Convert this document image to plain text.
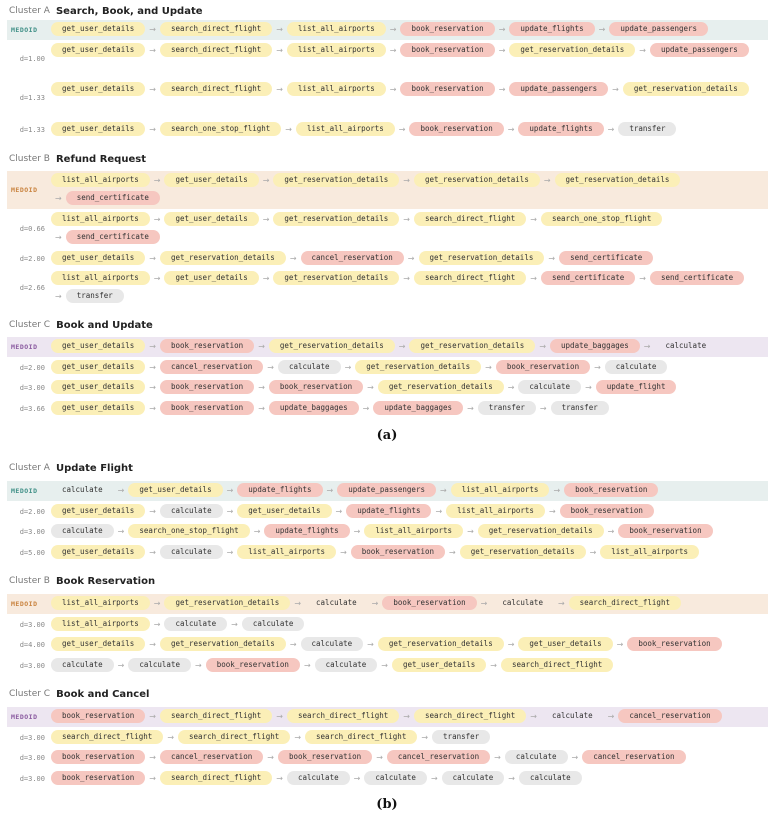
Cluster A Search, Book, and Update
MEDOID	get_user_details	→	search_direct_flight	→	list_all_airports	→	book_reservation	→	update_flights	→	update_passengers
d=1.00
get_user_details	→	search_direct_flight	→	list_all_airports	→	book_reservation	→	get_reservation_details	→	update_passengers
d=1.33
get_user_details	→	search_direct_flight	→	list_all_airports	→	book_reservation	→	update_passengers	→	get_reservation_details
d=1.33	get_user_details	→	search_one_stop_flight	→	list_all_airports	→	book_reservation	→	update_flights	→	transfer
Cluster B Refund Request
MEDOID
list_all_airports	→	get_user_details	→	get_reservation_details	→	get_reservation_details	→	get_reservation_details
→	send_certificate
d=0.66
list_all_airports	→	get_user_details	→	get_reservation_details	→	search_direct_flight	→	search_one_stop_flight
→	send_certificate
d=2.00	get_user_details	→	get_reservation_details	→	cancel_reservation	→	get_reservation_details	→	send_certificate
d=2.66
list_all_airports	→	get_user_details	→	get_reservation_details	→	search_direct_flight	→	send_certificate	→	send_certificate
→	transfer
Cluster C Book and Update
MEDOID	get_user_details	→	book_reservation	→	get_reservation_details	→	get_reservation_details	→	update_baggages	→	calculate
d=2.00	get_user_details	→	cancel_reservation	→	calculate	→	get_reservation_details	→	book_reservation	→	calculate
d=3.00	get_user_details	→	book_reservation	→	book_reservation	→	get_reservation_details	→	calculate	→	update_flight
d=3.66	get_user_details	→	book_reservation	→	update_baggages	→	update_baggages	→	transfer	→	transfer
(a)
Cluster A Update Flight
MEDOID	calculate	→	get_user_details	→	update_flights	→	update_passengers	→	list_all_airports	→	book_reservation
d=2.00	get_user_details	→	calculate	→	get_user_details	→	update_flights	→	list_all_airports	→	book_reservation
d=3.00	calculate	→	search_one_stop_flight	→	update_flights	→	list_all_airports	→	get_reservation_details	→	book_reservation
d=5.00	get_user_details	→	calculate	→	list_all_airports	→	book_reservation	→	get_reservation_details	→	list_all_airports
Cluster B Book Reservation
MEDOID	list_all_airports	→	get_reservation_details	→	calculate	→	book_reservation	→	calculate	→	search_direct_flight
d=3.00	list_all_airports	→	calculate	→	calculate
d=4.00	get_user_details	→	get_reservation_details	→	calculate	→	get_reservation_details	→	get_user_details	→	book_reservation
d=3.00	calculate	→	calculate	→	book_reservation	→	calculate	→	get_user_details	→	search_direct_flight
Cluster C Book and Cancel
MEDOID	book_reservation	→	search_direct_flight	→	search_direct_flight	→	search_direct_flight	→	calculate	→	cancel_reservation
d=3.00	search_direct_flight	→	search_direct_flight	→	search_direct_flight	→	transfer
d=3.00	book_reservation	→	cancel_reservation	→	book_reservation	→	cancel_reservation	→	calculate	→	cancel_reservation
d=3.00	book_reservation	→	search_direct_flight	→	calculate	→	calculate	→	calculate	→	calculate
(b)
